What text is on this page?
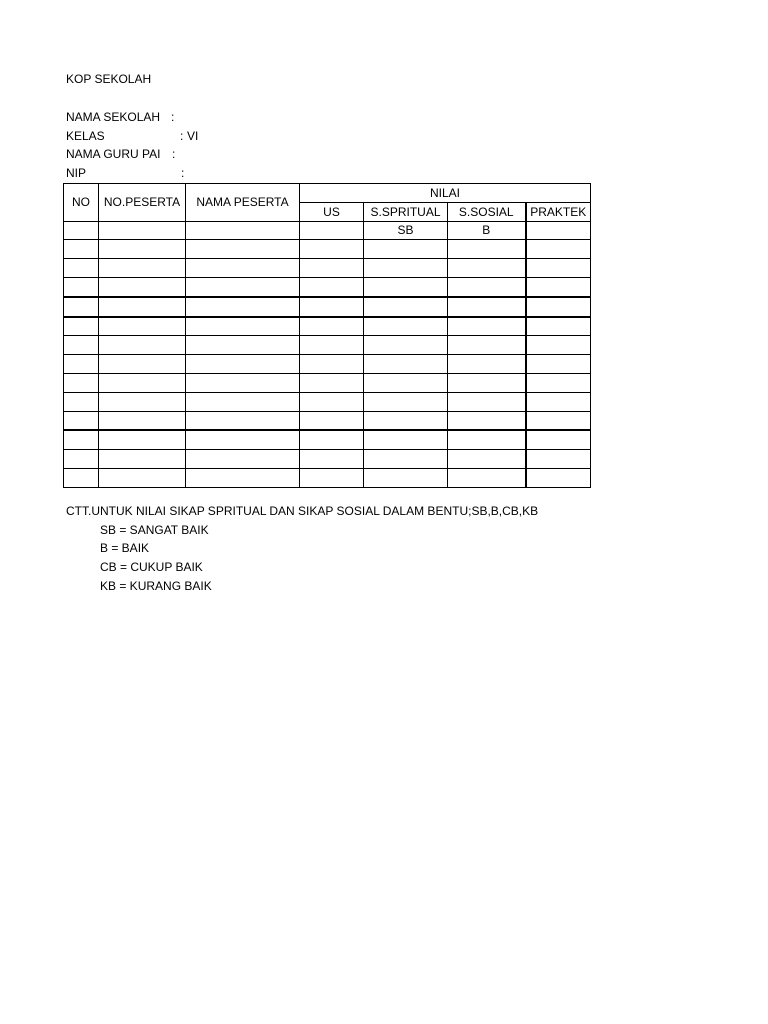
KOP SEKOLAH
NAMA SEKOLAH :
KELAS	: VI
NAMA GURU PAI :
NIP	:
NO	NO.PESERTA	NAMA PESERTA	NILAI			
			US	S.SPRITUAL	S.SOSIAL	PRAKTEK
				SB	B	

CTT.UNTUK NILAI SIKAP SPRITUAL DAN SIKAP SOSIAL DALAM BENTU;SB,B,CB,KB
SB = SANGAT BAIK
B = BAIK
CB = CUKUP BAIK
KB = KURANG BAIK
